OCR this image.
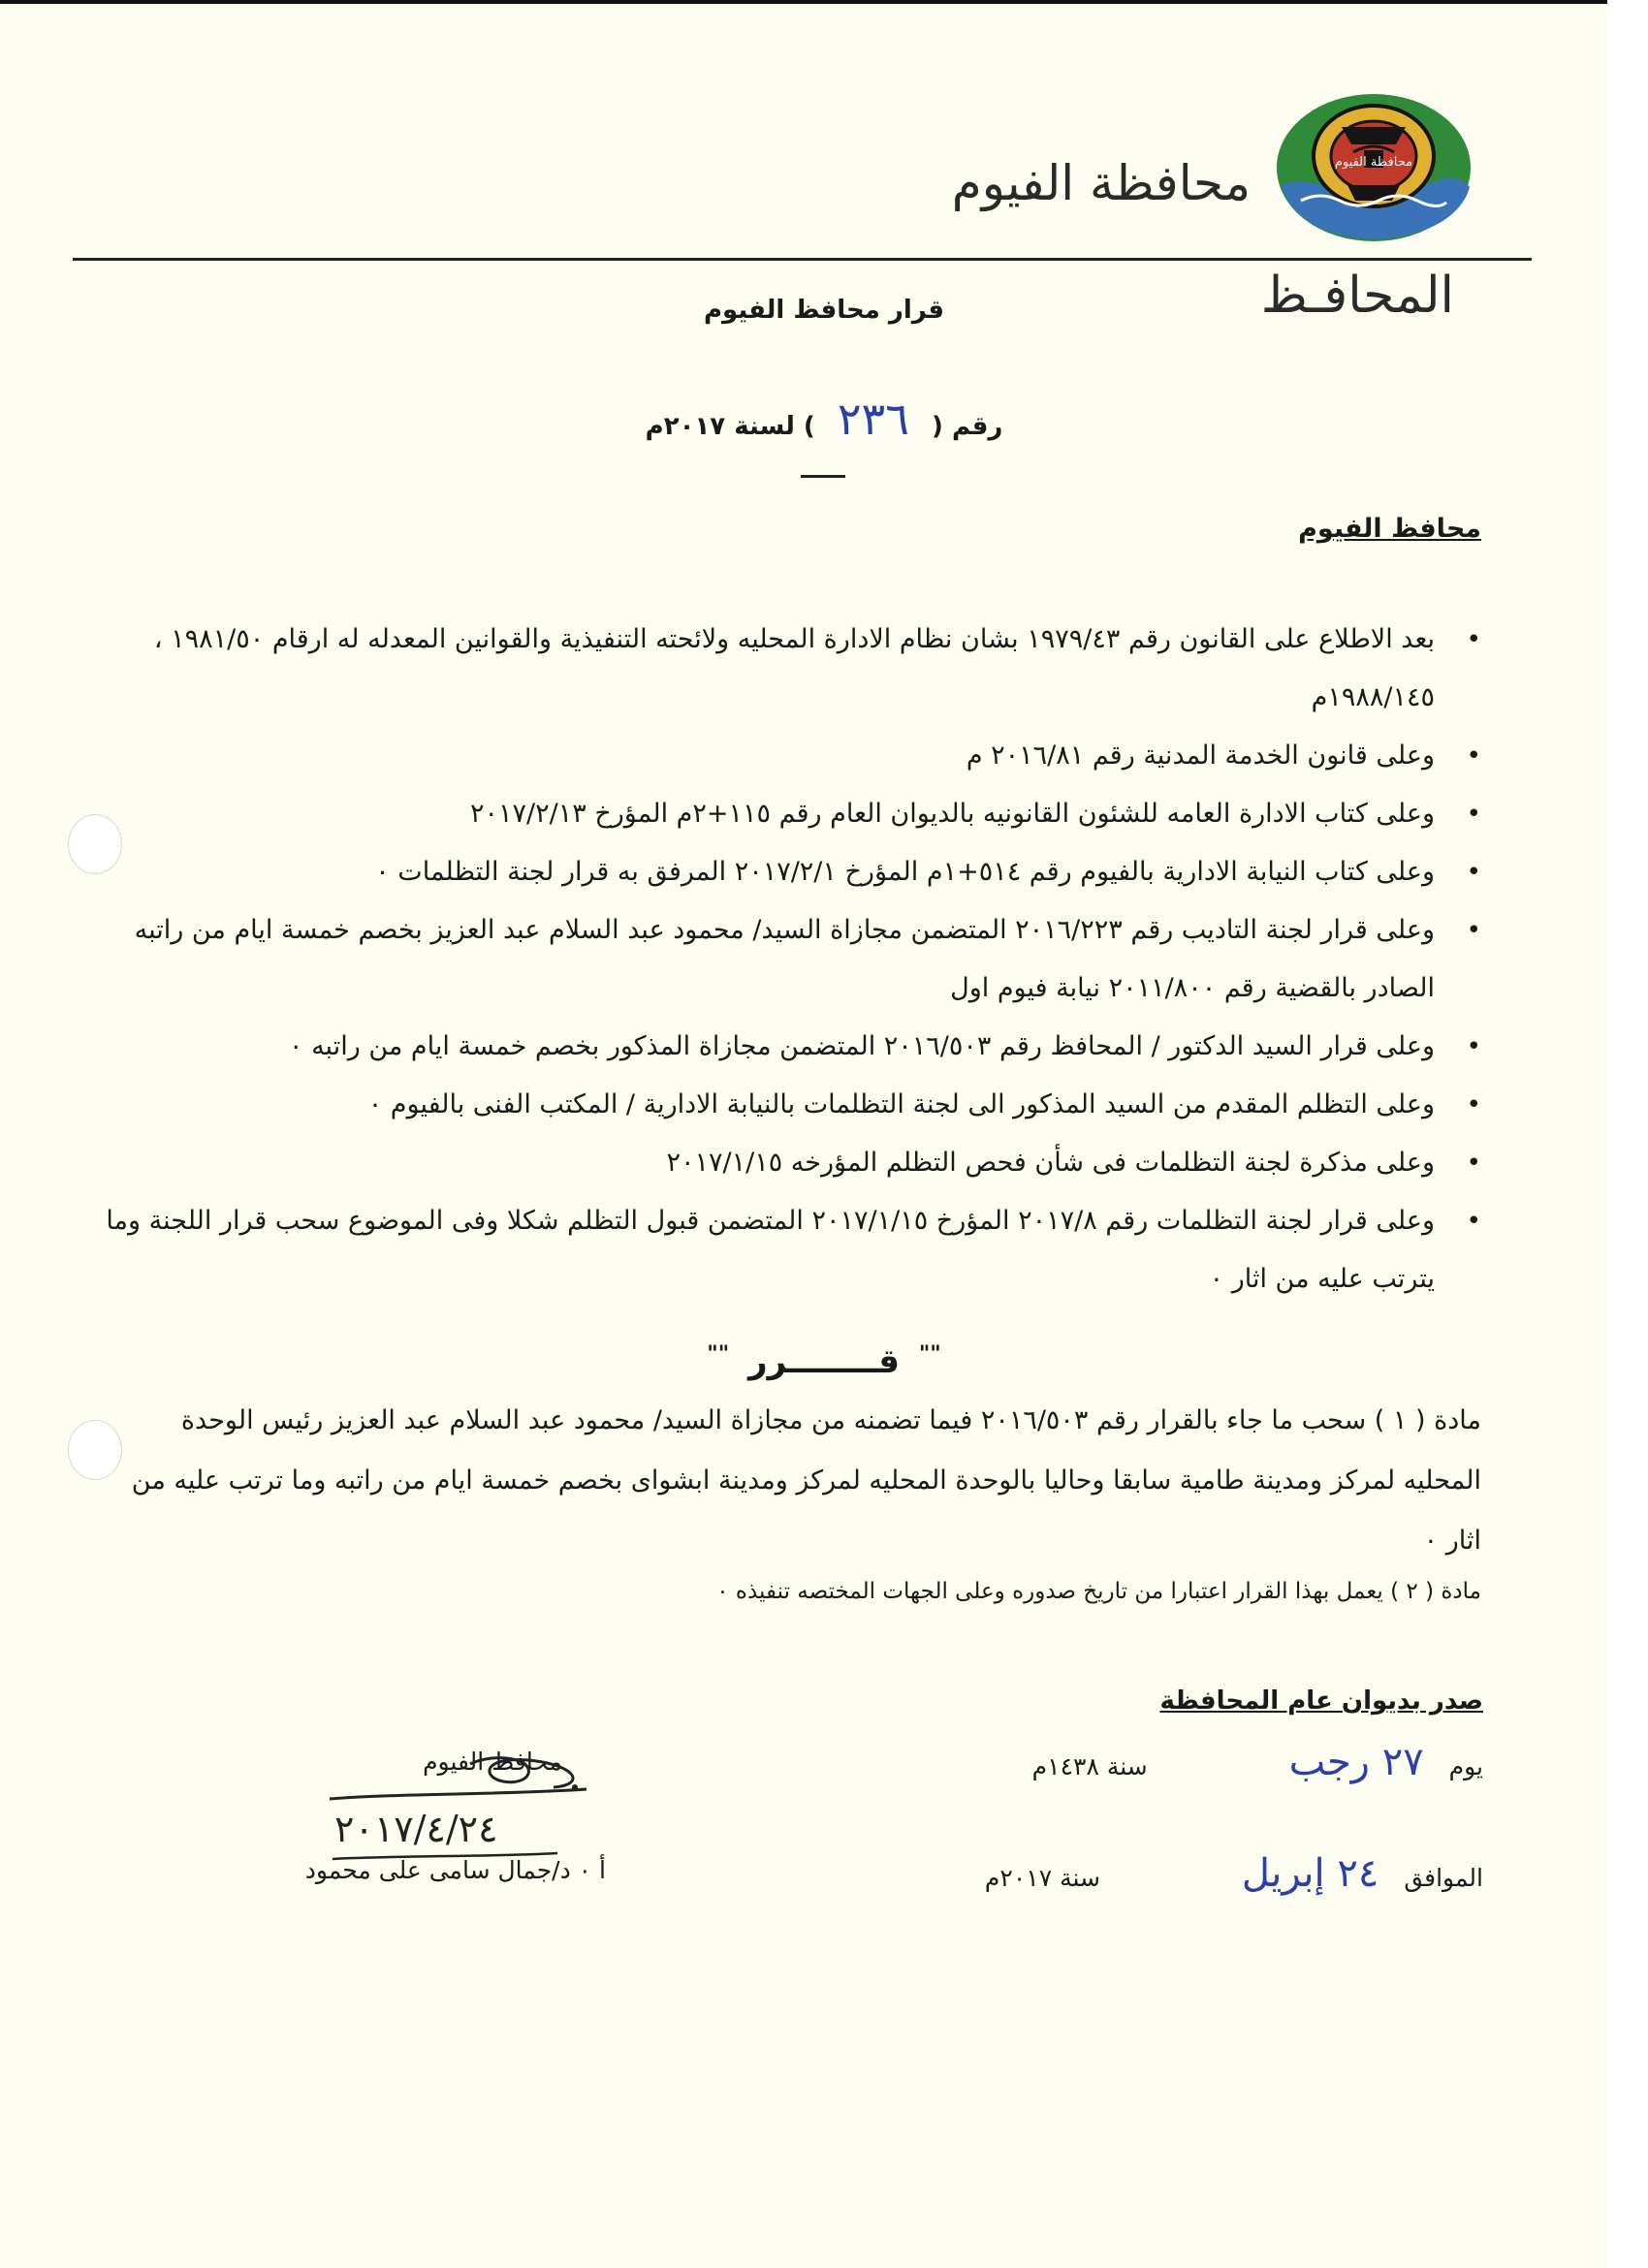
محافظة الفيوم
محافظة الفيوم
المحافـظ
قرار محافظ الفيوم
رقم ( ٢٣٦ ) لسنة ٢٠١٧م
محافظ الفيوم
• بعد الاطلاع على القانون رقم ١٩٧٩/٤٣ بشان نظام الادارة المحليه ولائحته التنفيذية والقوانين المعدله له ارقام ١٩٨١/٥٠ ، ١٩٨٨/١٤٥م
• وعلى قانون الخدمة المدنية رقم ٢٠١٦/٨١ م
• وعلى كتاب الادارة العامه للشئون القانونيه بالديوان العام رقم ١١٥+٢م المؤرخ ٢٠١٧/٢/١٣
• وعلى كتاب النيابة الادارية بالفيوم رقم ٥١٤+١م المؤرخ ٢٠١٧/٢/١ المرفق به قرار لجنة التظلمات ٠
• وعلى قرار لجنة التاديب رقم ٢٠١٦/٢٢٣ المتضمن مجازاة السيد/ محمود عبد السلام عبد العزيز بخصم خمسة ايام من راتبه الصادر بالقضية رقم ٢٠١١/٨٠٠ نيابة فيوم اول
• وعلى قرار السيد الدكتور / المحافظ رقم ٢٠١٦/٥٠٣ المتضمن مجازاة المذكور بخصم خمسة ايام من راتبه ٠
• وعلى التظلم المقدم من السيد المذكور الى لجنة التظلمات بالنيابة الادارية / المكتب الفنى بالفيوم ٠
• وعلى مذكرة لجنة التظلمات فى شأن فحص التظلم المؤرخه ٢٠١٧/١/١٥
• وعلى قرار لجنة التظلمات رقم ٢٠١٧/٨ المؤرخ ٢٠١٧/١/١٥ المتضمن قبول التظلم شكلا وفى الموضوع سحب قرار اللجنة وما يترتب عليه من اثار ٠
"" قــــــــرر ""
مادة ( ١ ) سحب ما جاء بالقرار رقم ٢٠١٦/٥٠٣ فيما تضمنه من مجازاة السيد/ محمود عبد السلام عبد العزيز رئيس الوحدة المحليه لمركز ومدينة طامية سابقا وحاليا بالوحدة المحليه لمركز ومدينة ابشواى بخصم خمسة ايام من راتبه وما ترتب عليه من اثار ٠
مادة ( ٢ ) يعمل بهذا القرار اعتبارا من تاريخ صدوره وعلى الجهات المختصه تنفيذه ٠
صدر بديوان عام المحافظة
يوم ٢٧ رجب سنة ١٤٣٨م
الموافق ٢٤ إبريل سنة ٢٠١٧م
محافظ الفيوم
٢٠١٧/٤/٢٤
أ ٠ د/جمال سامى على محمود
